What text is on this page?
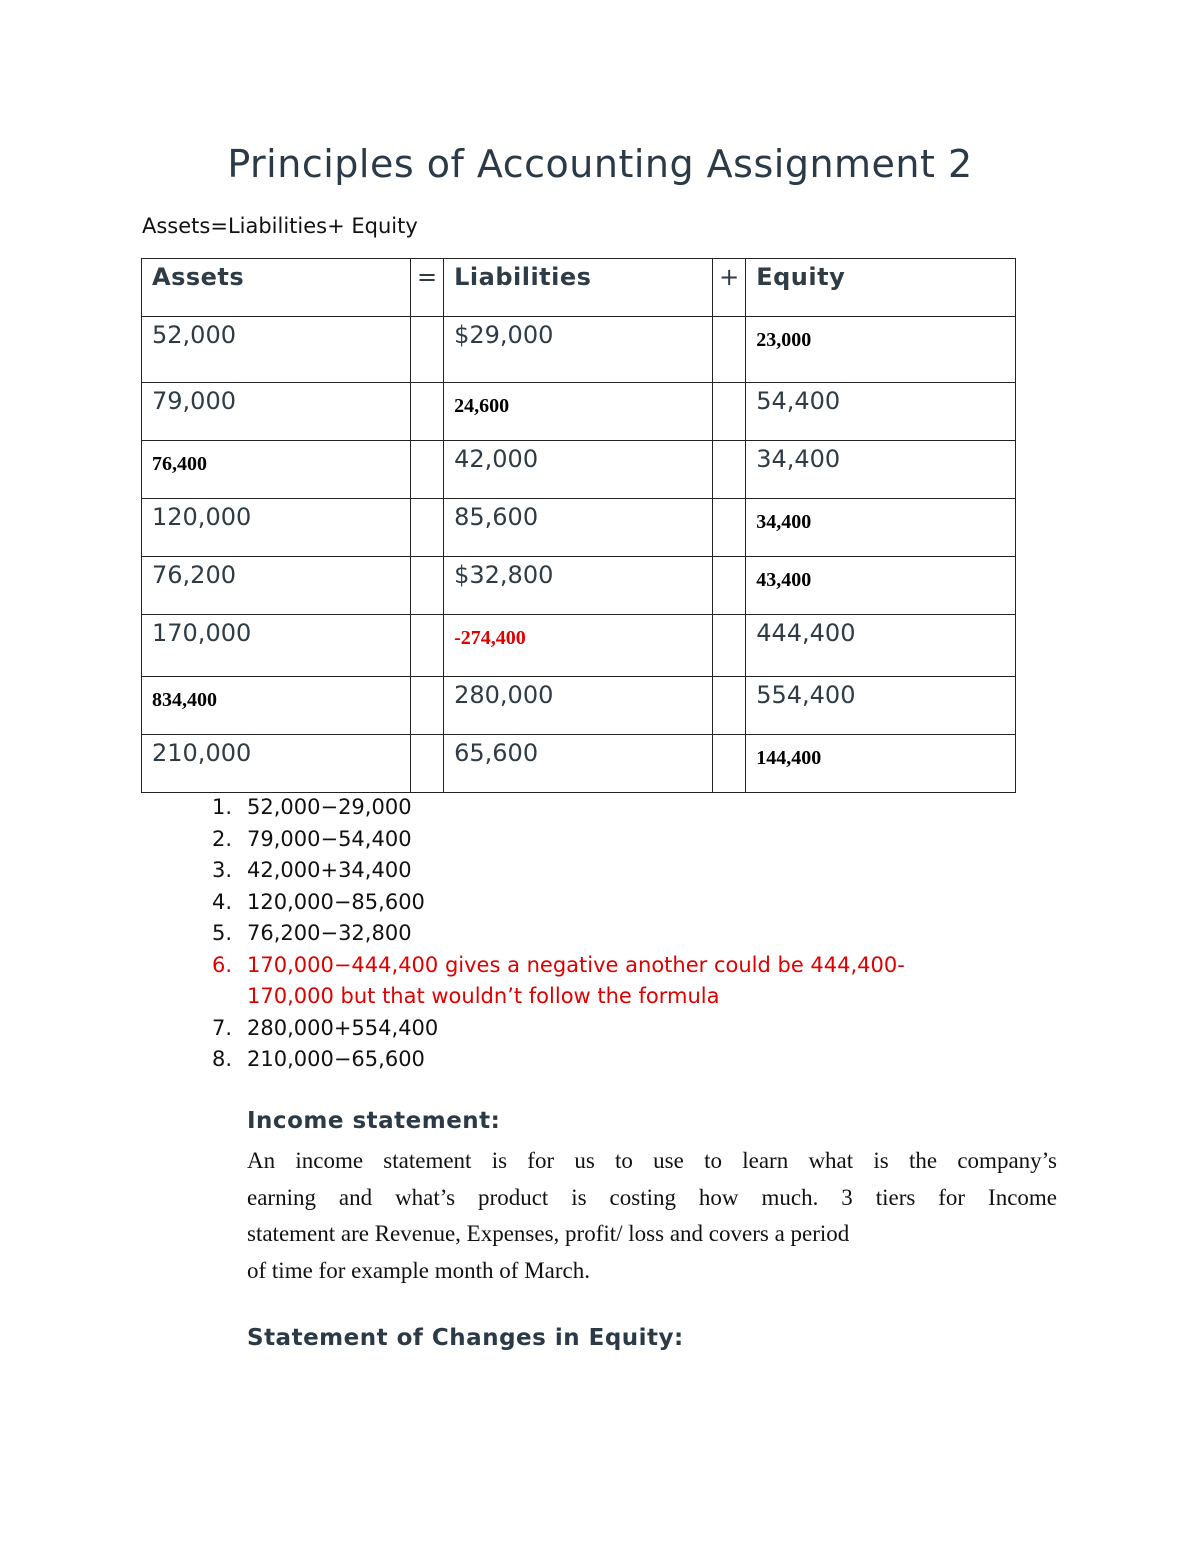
Principles of Accounting Assignment 2
Assets=Liabilities+ Equity
Assets	=	Liabilities	+	Equity
52,000		$29,000		23,000
79,000		24,600		54,400
76,400		42,000		34,400
120,000		85,600		34,400
76,200		$32,800		43,400
170,000		-274,400		444,400
834,400		280,000		554,400
210,000		65,600		144,400
1. 52,000−29,000
2. 79,000−54,400
3. 42,000+34,400
4. 120,000−85,600
5. 76,200−32,800
6. 170,000−444,400 gives a negative another could be 444,400-170,000 but that wouldn’t follow the formula
7. 280,000+554,400
8. 210,000−65,600
Income statement:
An income statement is for us to use to learn what is the company’s
earning and what’s product is costing how much. 3 tiers for Income
statement are Revenue, Expenses, profit/ loss and covers a period
of time for example month of March.
Statement of Changes in Equity:
